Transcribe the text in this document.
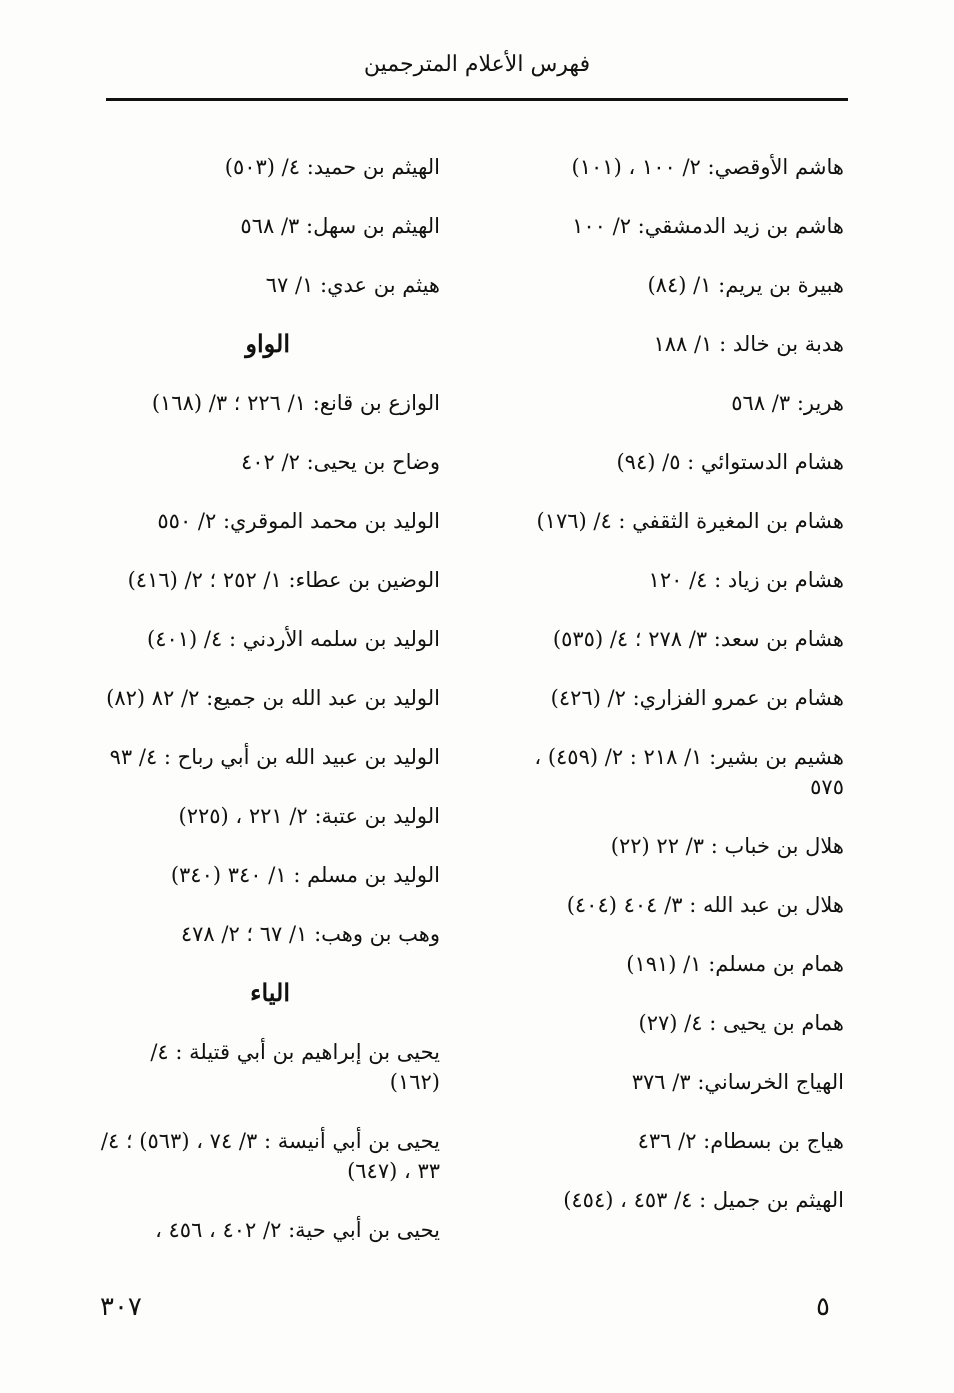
فهرس الأعلام المترجمين
هاشم الأوقصي: ٢/ ١٠٠ ، (١٠١)
هاشم بن زيد الدمشقي: ٢/ ١٠٠
هبيرة بن يريم: ١/ (٨٤)
هدبة بن خالد : ١/ ١٨٨
هرير: ٣/ ٥٦٨
هشام الدستوائي : ٥/ (٩٤)
هشام بن المغيرة الثقفي : ٤/ (١٧٦)
هشام بن زياد : ٤/ ١٢٠
هشام بن سعد: ٣/ ٢٧٨ ؛ ٤/ (٥٣٥)
هشام بن عمرو الفزاري: ٢/ (٤٢٦)
هشيم بن بشير: ١/ ٢١٨ : ٢/ (٤٥٩) ، ٥٧٥
هلال بن خباب : ٣/ ٢٢ (٢٢)
هلال بن عبد الله : ٣/ ٤٠٤ (٤٠٤)
همام بن مسلم: ١/ (١٩١)
همام بن يحيى : ٤/ (٢٧)
الهياج الخرساني: ٣/ ٣٧٦
هياج بن بسطام: ٢/ ٤٣٦
الهيثم بن جميل : ٤/ ٤٥٣ ، (٤٥٤)
الهيثم بن حميد: ٤/ (٥٠٣)
الهيثم بن سهل: ٣/ ٥٦٨
هيثم بن عدي: ١/ ٦٧
الواو
الوازع بن قانع: ١/ ٢٢٦ ؛ ٣/ (١٦٨)
وضاح بن يحيى: ٢/ ٤٠٢
الوليد بن محمد الموقري: ٢/ ٥٥٠
الوضين بن عطاء: ١/ ٢٥٢ ؛ ٢/ (٤١٦)
الوليد بن سلمه الأردني : ٤/ (٤٠١)
الوليد بن عبد الله بن جميع: ٢/ ٨٢ (٨٢)
الوليد بن عبيد الله بن أبي رباح : ٤/ ٩٣
الوليد بن عتبة: ٢/ ٢٢١ ، (٢٢٥)
الوليد بن مسلم : ١/ ٣٤٠ (٣٤٠)
وهب بن وهب: ١/ ٦٧ ؛ ٢/ ٤٧٨
الياء
يحيى بن إبراهيم بن أبي قتيلة : ٤/ (١٦٢)
يحيى بن أبي أنيسة : ٣/ ٧٤ ، (٥٦٣) ؛ ٤/ ٣٣ ، (٦٤٧)
يحيى بن أبي حية: ٢/ ٤٠٢ ، ٤٥٦ ،
٣٠٧	٥
